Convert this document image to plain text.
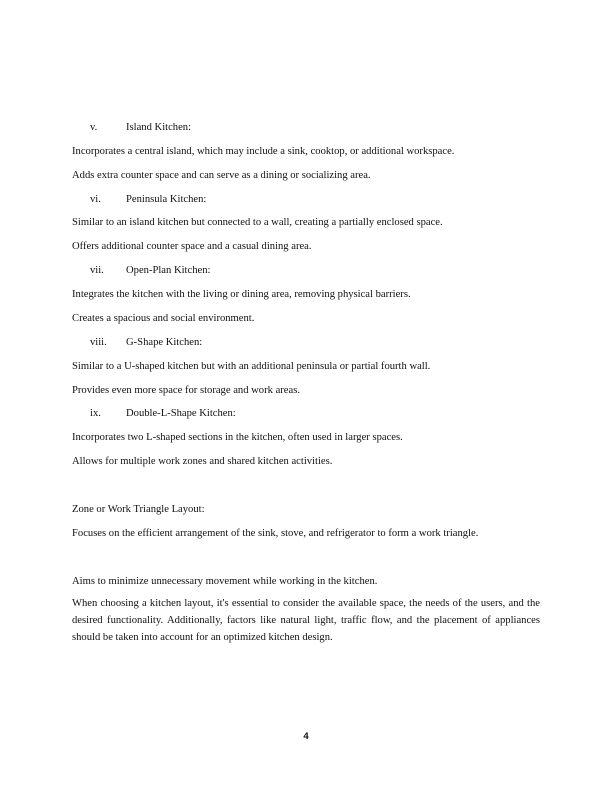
v.	Island Kitchen:

Incorporates a central island, which may include a sink, cooktop, or additional workspace.

Adds extra counter space and can serve as a dining or socializing area.

vi. Peninsula Kitchen:

Similar to an island kitchen but connected to a wall, creating a partially enclosed space.

Offers additional counter space and a casual dining area.

vii. Open-Plan Kitchen:

Integrates the kitchen with the living or dining area, removing physical barriers.

Creates a spacious and social environment.

viii. G-Shape Kitchen:

Similar to a U-shaped kitchen but with an additional peninsula or partial fourth wall.

Provides even more space for storage and work areas.

ix. Double-L-Shape Kitchen:

Incorporates two L-shaped sections in the kitchen, often used in larger spaces.

Allows for multiple work zones and shared kitchen activities.

Zone or Work Triangle Layout:

Focuses on the efficient arrangement of the sink, stove, and refrigerator to form a work triangle.

Aims to minimize unnecessary movement while working in the kitchen.

When choosing a kitchen layout, it's essential to consider the available space, the needs of the users, and the desired functionality. Additionally, factors like natural light, traffic flow, and the placement of appliances should be taken into account for an optimized kitchen design.

4
